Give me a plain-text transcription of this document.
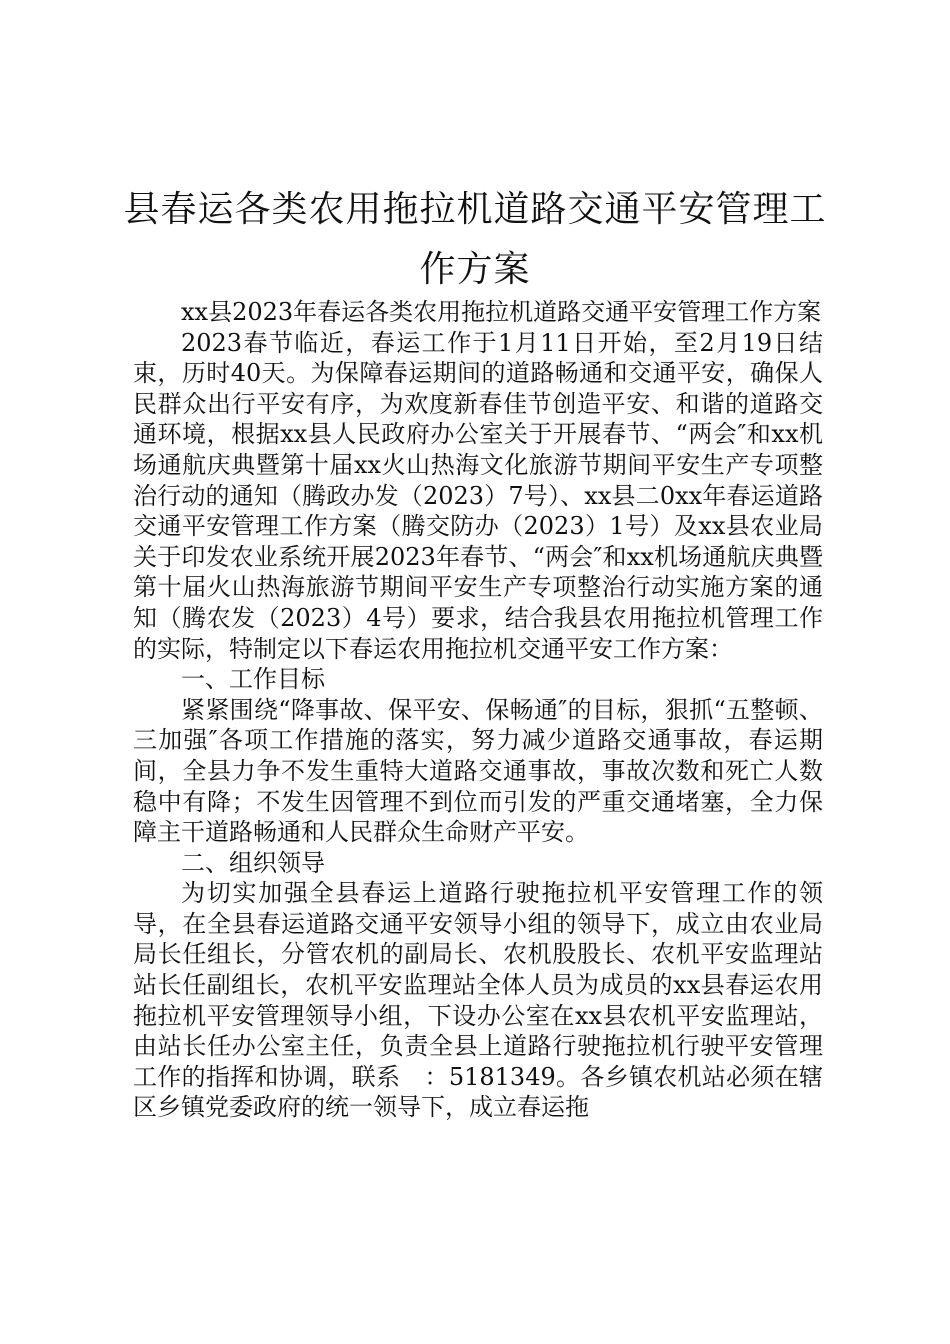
县春运各类农用拖拉机道路交通平安管理工作方案

xx县2023年春运各类农用拖拉机道路交通平安管理工作方案

2023春节临近，春运工作于1月11日开始，至2月19日结束，历时40天。为保障春运期间的道路畅通和交通平安，确保人民群众出行平安有序，为欢度新春佳节创造平安、和谐的道路交通环境，根据xx县人民政府办公室关于开展春节、“两会″和xx机场通航庆典暨第十届xx火山热海文化旅游节期间平安生产专项整治行动的通知（腾政办发（2023）7号）、xx县二0xx年春运道路交通平安管理工作方案（腾交防办（2023）1号）及xx县农业局关于印发农业系统开展2023年春节、“两会″和xx机场通航庆典暨第十届火山热海旅游节期间平安生产专项整治行动实施方案的通知（腾农发（2023）4号）要求，结合我县农用拖拉机管理工作的实际，特制定以下春运农用拖拉机交通平安工作方案：

一、工作目标

紧紧围绕“降事故、保平安、保畅通″的目标，狠抓“五整顿、三加强″各项工作措施的落实，努力减少道路交通事故，春运期间，全县力争不发生重特大道路交通事故，事故次数和死亡人数稳中有降；不发生因管理不到位而引发的严重交通堵塞，全力保障主干道路畅通和人民群众生命财产平安。

二、组织领导

为切实加强全县春运上道路行驶拖拉机平安管理工作的领导，在全县春运道路交通平安领导小组的领导下，成立由农业局局长任组长，分管农机的副局长、农机股股长、农机平安监理站站长任副组长，农机平安监理站全体人员为成员的xx县春运农用拖拉机平安管理领导小组，下设办公室在xx县农机平安监理站，由站长任办公室主任，负责全县上道路行驶拖拉机行驶平安管理工作的指挥和协调，联系　：5181349。各乡镇农机站必须在辖区乡镇党委政府的统一领导下，成立春运拖
